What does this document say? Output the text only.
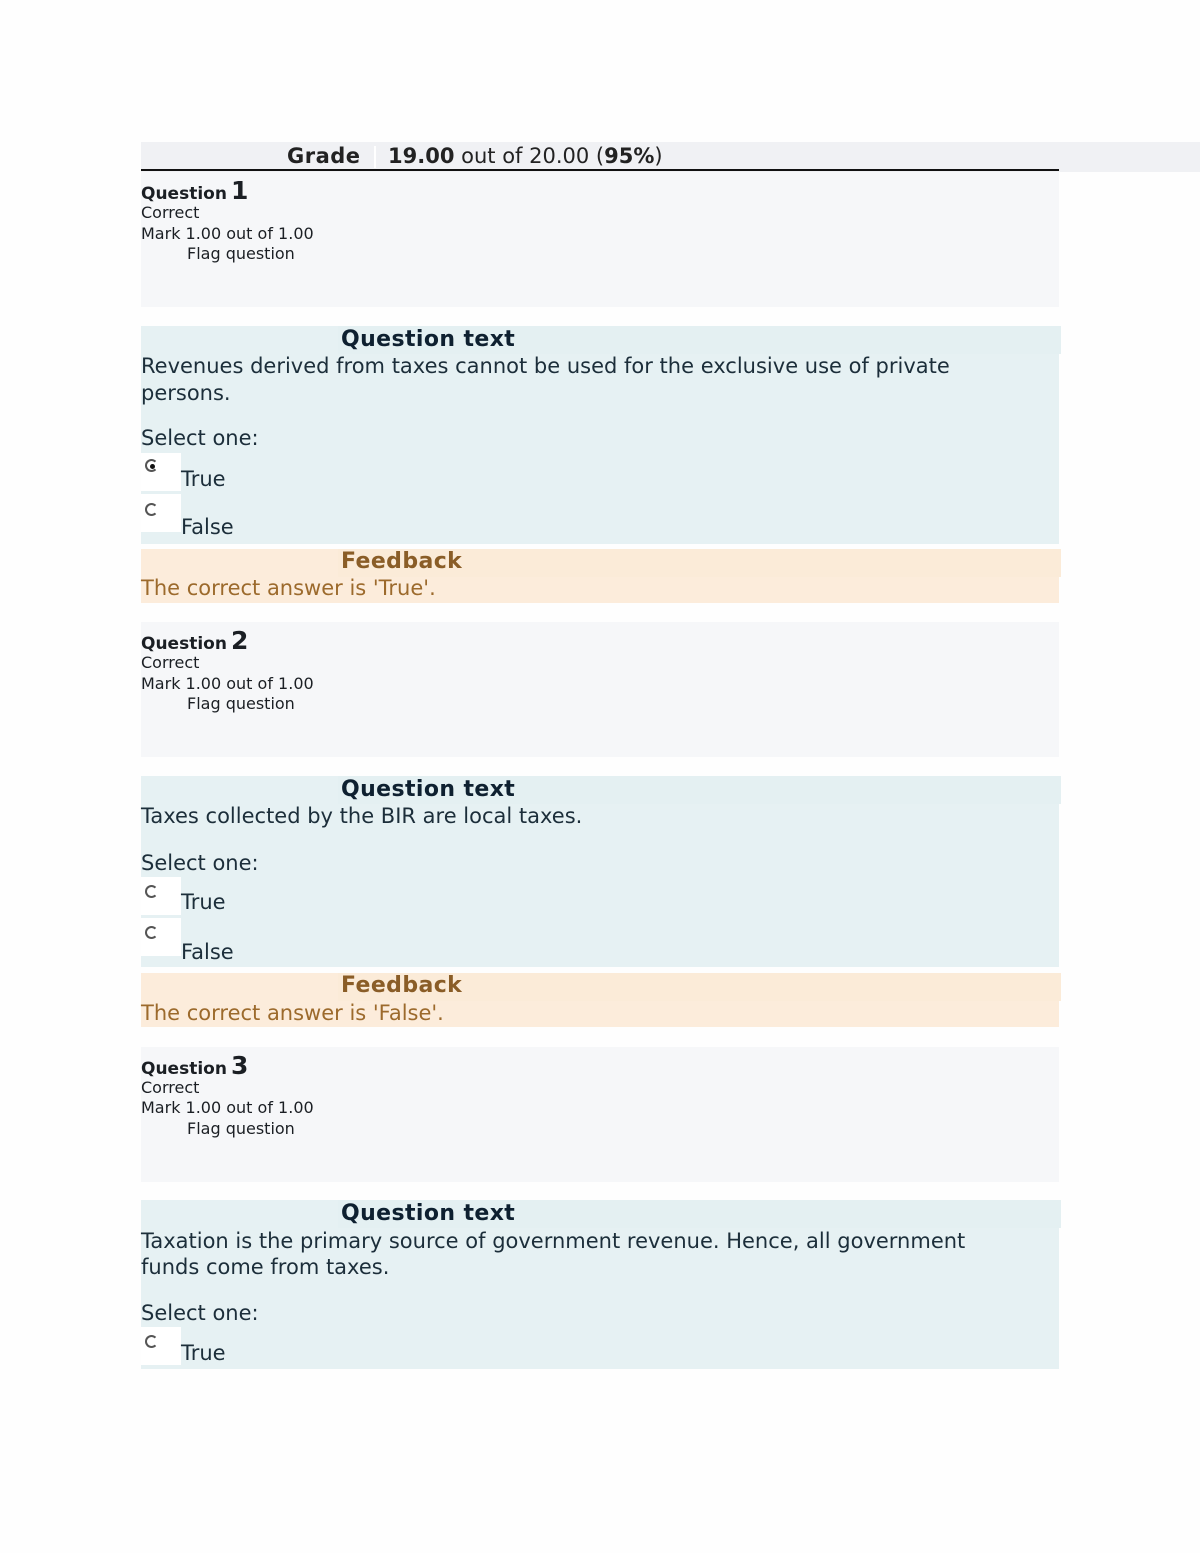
Grade 19.00 out of 20.00 (95%)
Question 1
Correct
Mark 1.00 out of 1.00
Flag question
Question text
Revenues derived from taxes cannot be used for the exclusive use of private
persons.
Select one:
True
False
Feedback
The correct answer is 'True'.
Question 2
Correct
Mark 1.00 out of 1.00
Flag question
Question text
Taxes collected by the BIR are local taxes.
Select one:
True
False
Feedback
The correct answer is 'False'.
Question 3
Correct
Mark 1.00 out of 1.00
Flag question
Question text
Taxation is the primary source of government revenue. Hence, all government
funds come from taxes.
Select one:
True
